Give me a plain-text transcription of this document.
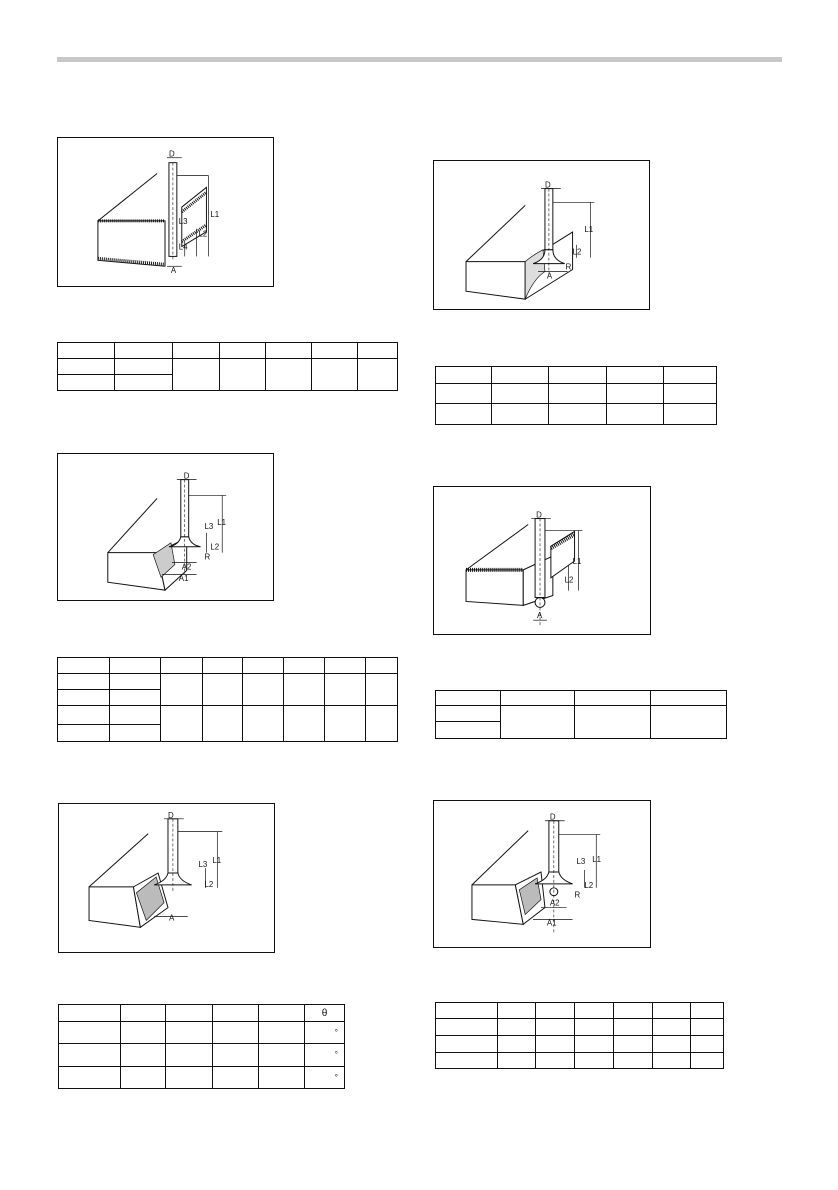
D
L1
L2
L3
L4
A

D
L1
L2
R
A

D
L1
L3
L2
R
A2
A1

D
L1
L2
A

D
L1
L3
L2
A
					θ
					°
					°
					°
D
L1
L3
L2
R
A2
A1
